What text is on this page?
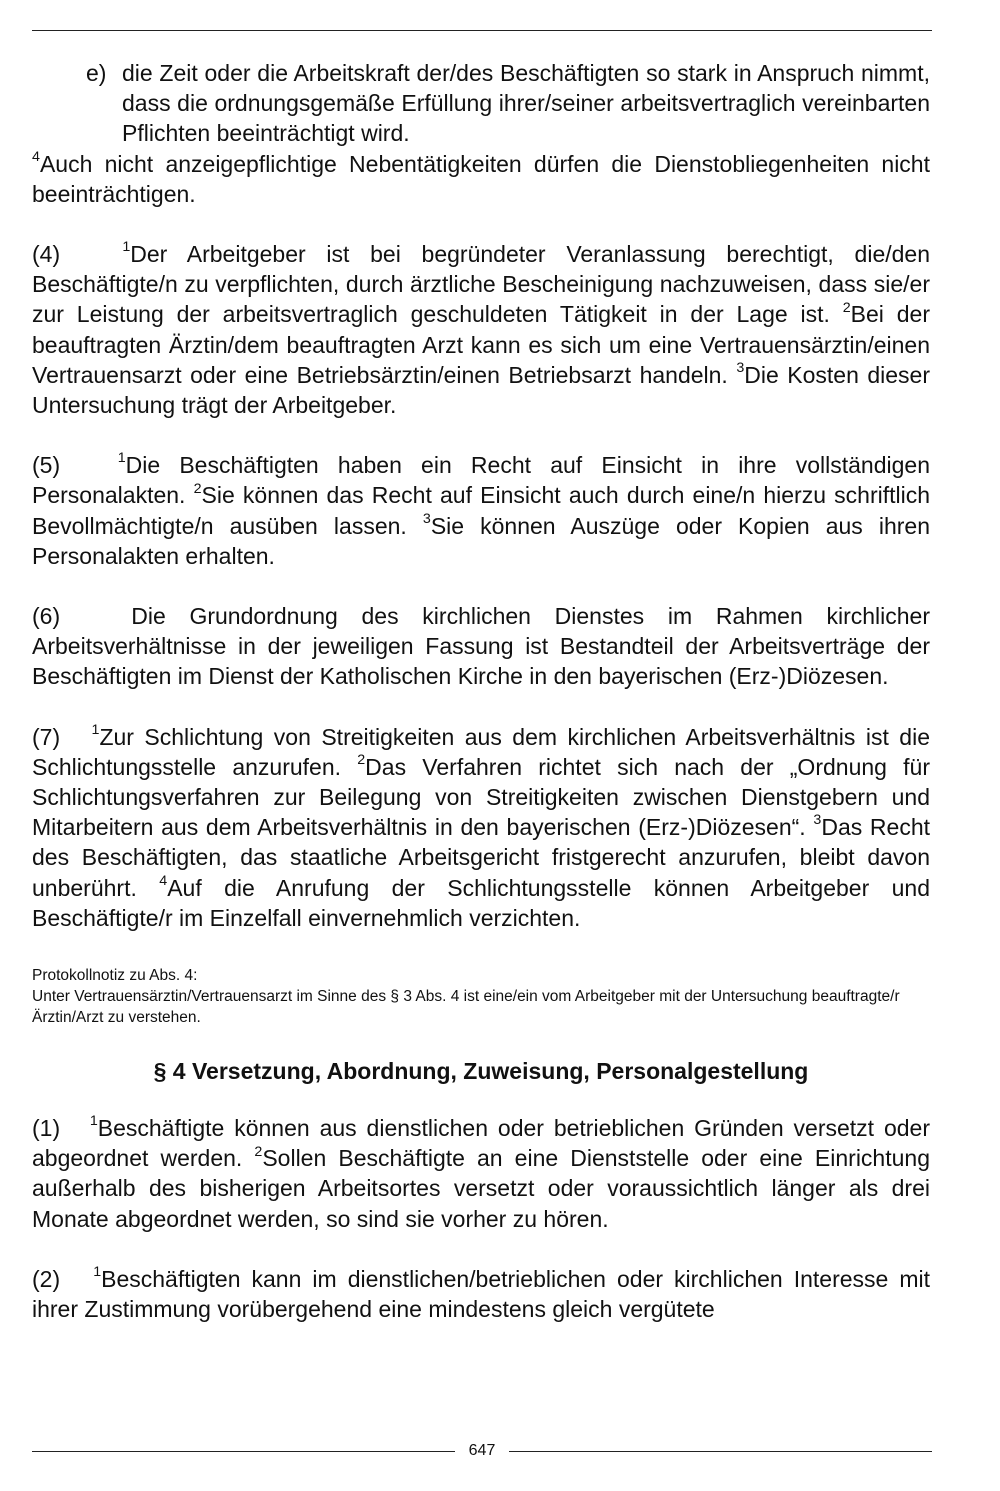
e) die Zeit oder die Arbeitskraft der/des Beschäftigten so stark in Anspruch nimmt, dass die ordnungsgemäße Erfüllung ihrer/seiner arbeitsvertraglich vereinbarten Pflichten beeinträchtigt wird.

$^4$Auch nicht anzeigepflichtige Nebentätigkeiten dürfen die Dienstobliegenheiten nicht beeinträchtigen.

(4)	$^1$Der Arbeitgeber ist bei begründeter Veranlassung berechtigt, die/den Beschäftigte/n zu verpflichten, durch ärztliche Bescheinigung nachzuweisen, dass sie/er zur Leistung der arbeitsvertraglich geschuldeten Tätigkeit in der Lage ist. $^2$Bei der beauftragten Ärztin/dem beauftragten Arzt kann es sich um eine Vertrauensärztin/einen Vertrauensarzt oder eine Betriebsärztin/einen Betriebsarzt handeln. $^3$Die Kosten dieser Untersuchung trägt der Arbeitgeber.

(5)	$^1$Die Beschäftigten haben ein Recht auf Einsicht in ihre vollständigen Personalakten. $^2$Sie können das Recht auf Einsicht auch durch eine/n hierzu schriftlich Bevollmächtigte/n ausüben lassen. $^3$Sie können Auszüge oder Kopien aus ihren Personalakten erhalten.

(6)	Die Grundordnung des kirchlichen Dienstes im Rahmen kirchlicher Arbeitsverhältnisse in der jeweiligen Fassung ist Bestandteil der Arbeitsverträge der Beschäftigten im Dienst der Katholischen Kirche in den bayerischen (Erz-)Diözesen.

(7) $^1$Zur Schlichtung von Streitigkeiten aus dem kirchlichen Arbeitsverhältnis ist die Schlichtungsstelle anzurufen. $^2$Das Verfahren richtet sich nach der „Ordnung für Schlichtungsverfahren zur Beilegung von Streitigkeiten zwischen Dienstgebern und Mitarbeitern aus dem Arbeitsverhältnis in den bayerischen (Erz-)Diözesen“. $^3$Das Recht des Beschäftigten, das staatliche Arbeitsgericht fristgerecht anzurufen, bleibt davon unberührt. $^4$Auf die Anrufung der Schlichtungsstelle können Arbeitgeber und Beschäftigte/r im Einzelfall einvernehmlich verzichten.

Protokollnotiz zu Abs. 4:
Unter Vertrauensärztin/Vertrauensarzt im Sinne des § 3 Abs. 4 ist eine/ein vom Arbeitgeber mit der Untersuchung beauftragte/r Ärztin/Arzt zu verstehen.
§ 4 Versetzung, Abordnung, Zuweisung, Personalgestellung

(1) $^1$Beschäftigte können aus dienstlichen oder betrieblichen Gründen versetzt oder abgeordnet werden. $^2$Sollen Beschäftigte an eine Dienststelle oder eine Einrichtung außerhalb des bisherigen Arbeitsortes versetzt oder voraussichtlich länger als drei Monate abgeordnet werden, so sind sie vorher zu hören.

(2) $^1$Beschäftigten kann im dienstlichen/betrieblichen oder kirchlichen Interesse mit ihrer Zustimmung vorübergehend eine mindestens gleich vergütete

647
